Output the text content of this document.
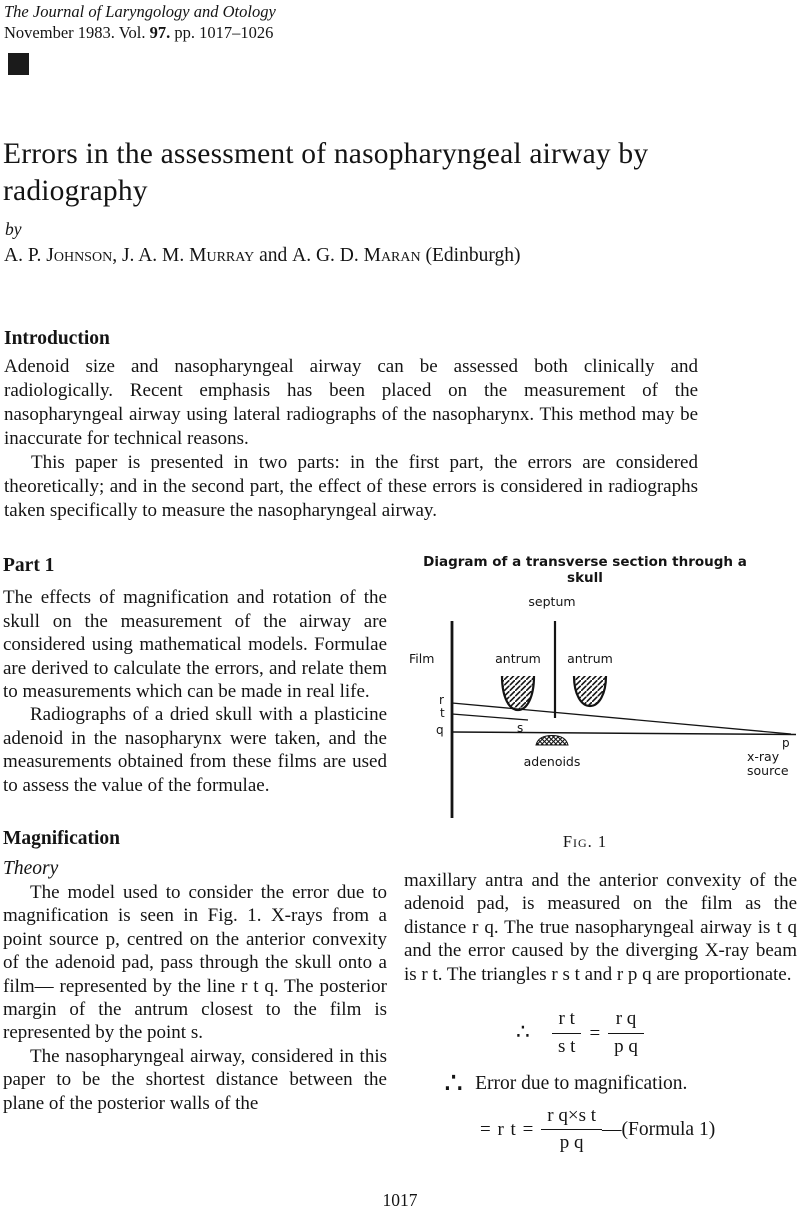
The Journal of Laryngology and Otology
November 1983. Vol. 97. pp. 1017–1026
Errors in the assessment of nasopharyngeal airway by radiography
by
A. P. Johnson, J. A. M. Murray and A. G. D. Maran (Edinburgh)
Introduction

Adenoid size and nasopharyngeal airway can be assessed both clinically and radiologically. Recent emphasis has been placed on the measurement of the nasopharyngeal airway using lateral radiographs of the nasopharynx. This method may be inaccurate for technical reasons.

This paper is presented in two parts: in the first part, the errors are considered theoretically; and in the second part, the effect of these errors is considered in radiographs taken specifically to measure the nasopharyngeal airway.

Part 1

The effects of magnification and rotation of the skull on the measurement of the airway are considered using mathematical models. Formulae are derived to calculate the errors, and relate them to measurements which can be made in real life.

Radiographs of a dried skull with a plasticine adenoid in the nasopharynx were taken, and the measurements obtained from these films are used to assess the value of the formulae.

Magnification
Theory

The model used to consider the error due to magnification is seen in Fig. 1. X-rays from a point source p, centred on the anterior convexity of the adenoid pad, pass through the skull onto a film— represented by the line r t q. The posterior margin of the antrum closest to the film is represented by the point s.

The nasopharyngeal airway, considered in this paper to be the shortest distance between the plane of the posterior walls of the

Diagram of a transverse section through a skull
septum
Film	antrum	antrum
r
t
q	s
p
x-ray
source
adenoids
Fig. 1

maxillary antra and the anterior convexity of the adenoid pad, is measured on the film as the distance r q. The true nasopharyngeal airway is t q and the error caused by the diverging X-ray beam is r t. The triangles r s t and r p q are proportionate.

∴ $\frac{\text{r t}}{\text{s t}} = \frac{\text{r q}}{\text{p q}}$
∴ Error due to magnification.
= r $t = \frac{\text{r q×s t}}{\text{p q}}$ —(Formula 1)
1017
